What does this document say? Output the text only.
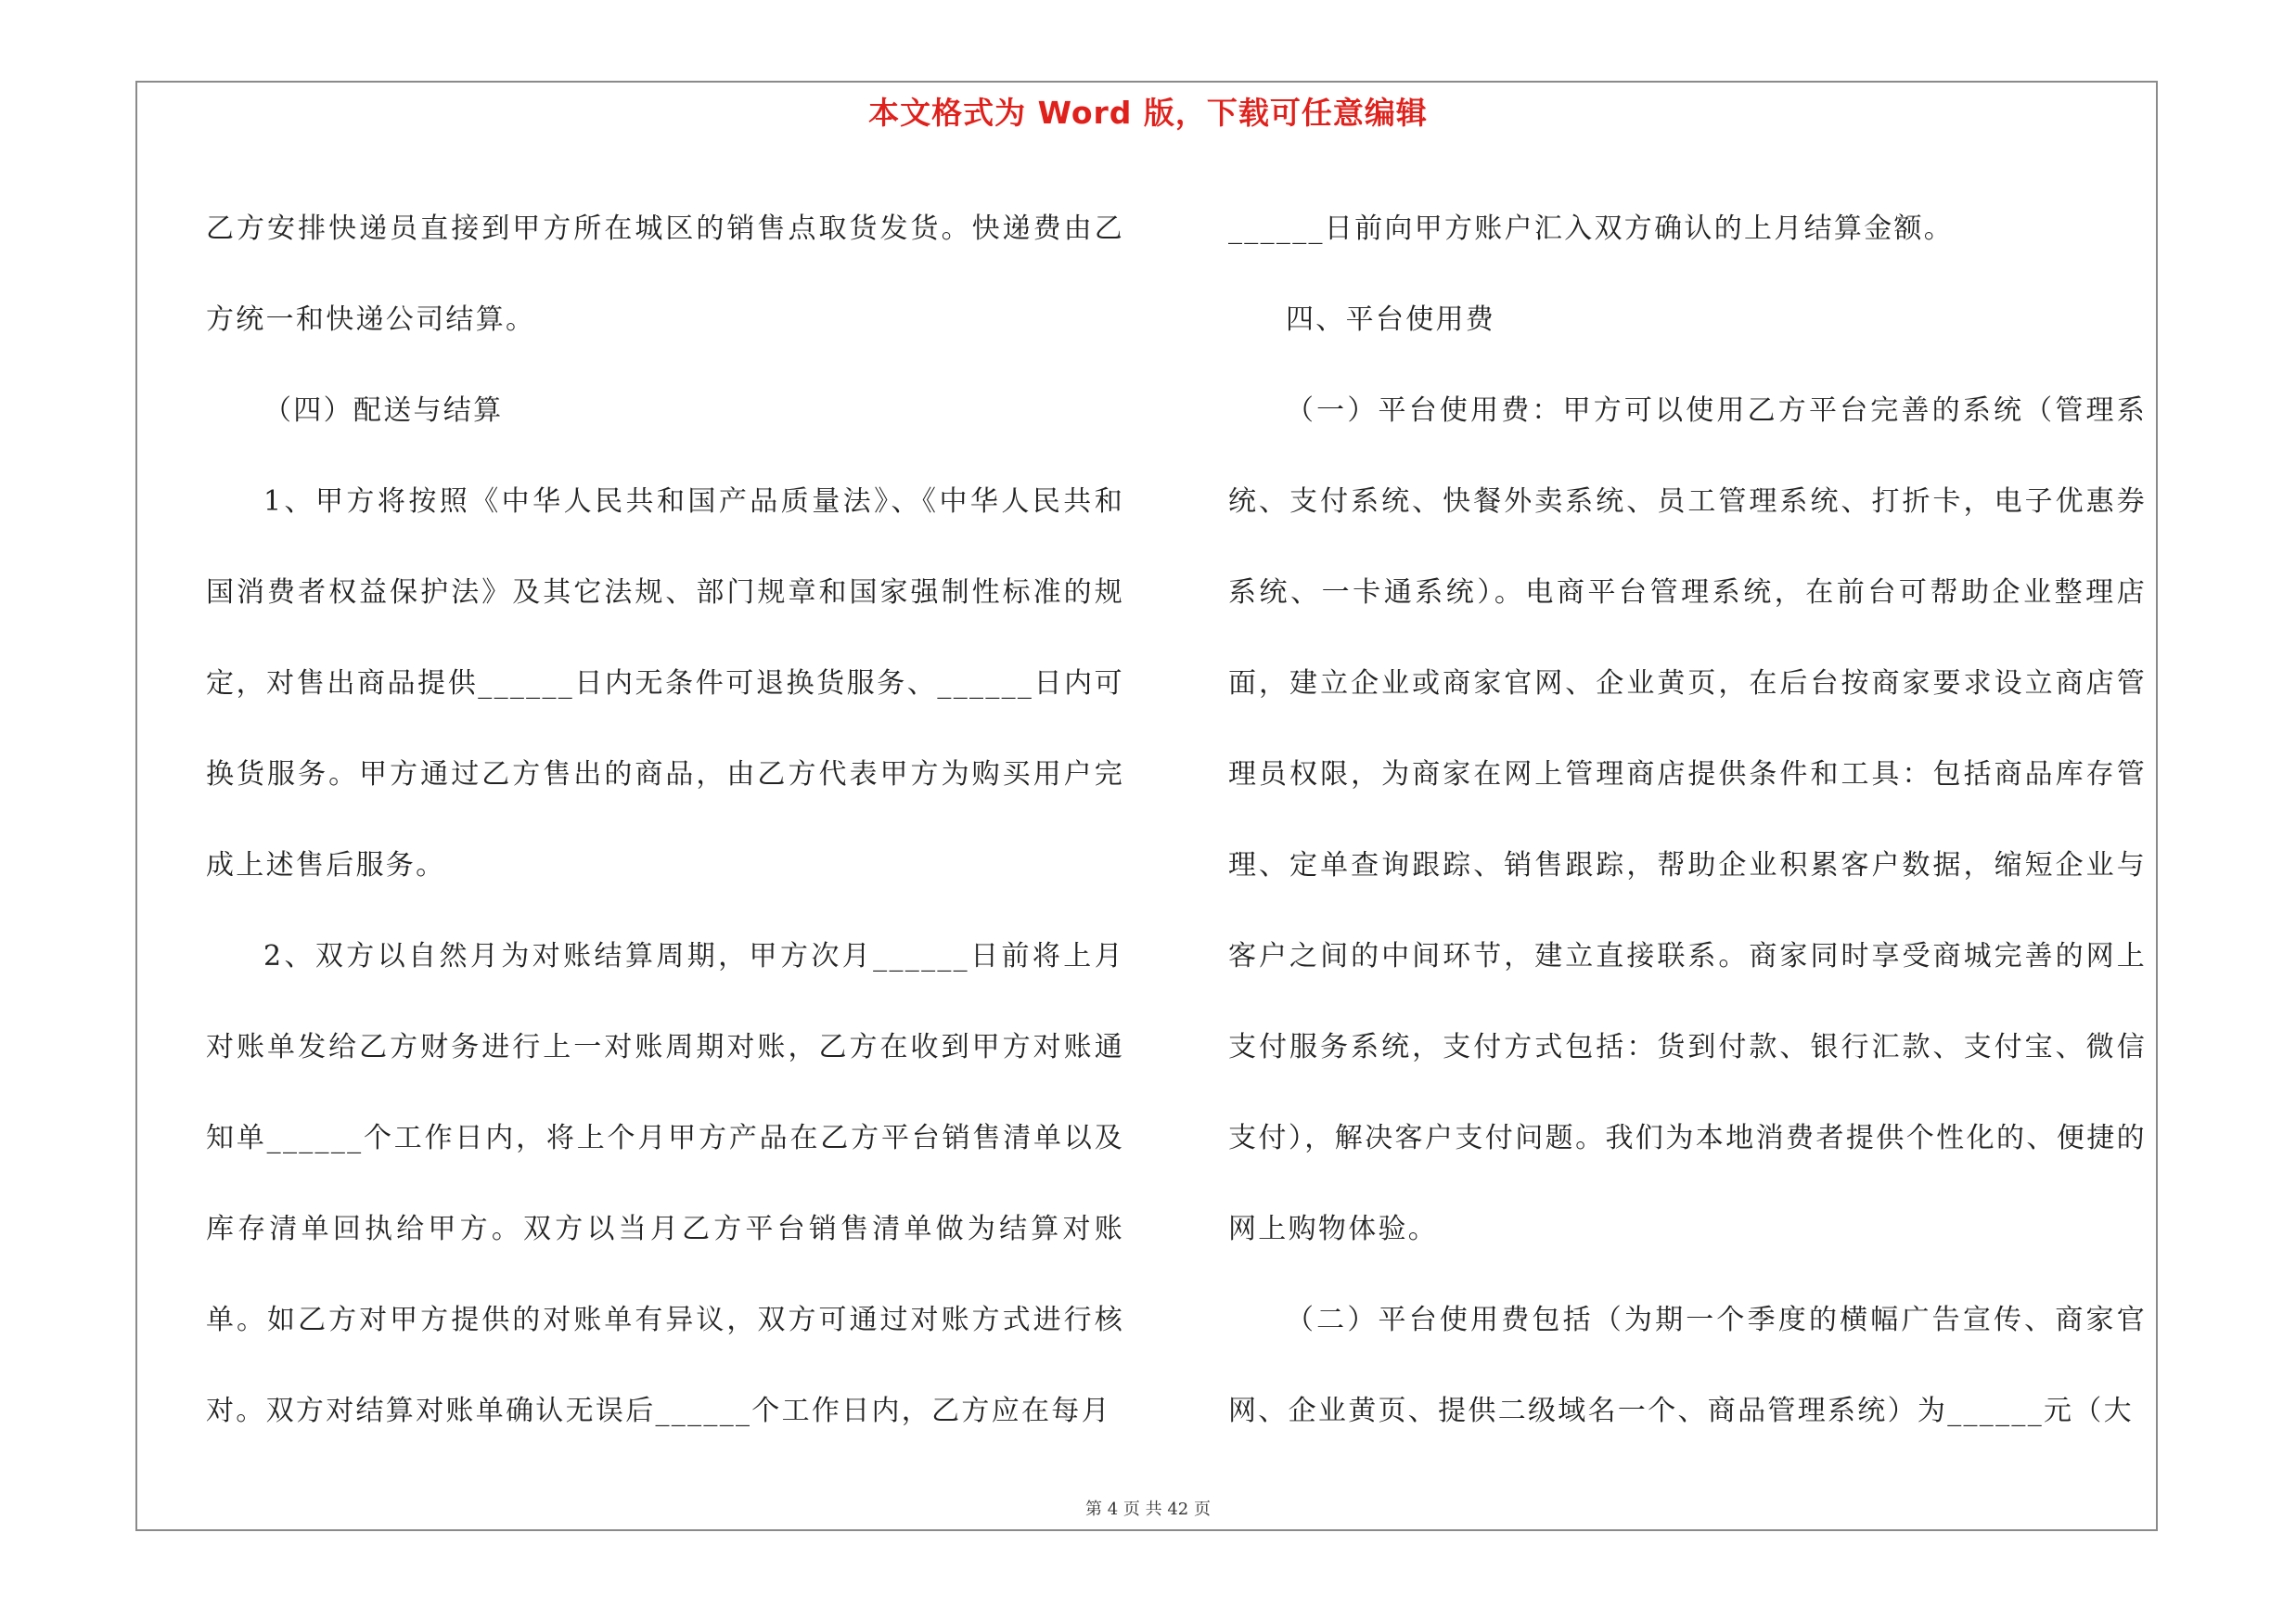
本文格式为 Word 版，下载可任意编辑

乙方安排快递员直接到甲方所在城区的销售点取货发货。快递费由乙方统一和快递公司结算。

（四）配送与结算

1、甲方将按照《中华人民共和国产品质量法》、《中华人民共和国消费者权益保护法》及其它法规、部门规章和国家强制性标准的规定，对售出商品提供______日内无条件可退换货服务、______日内可换货服务。甲方通过乙方售出的商品，由乙方代表甲方为购买用户完成上述售后服务。

2、双方以自然月为对账结算周期，甲方次月______日前将上月对账单发给乙方财务进行上一对账周期对账，乙方在收到甲方对账通知单______个工作日内，将上个月甲方产品在乙方平台销售清单以及库存清单回执给甲方。双方以当月乙方平台销售清单做为结算对账单。如乙方对甲方提供的对账单有异议，双方可通过对账方式进行核对。双方对结算对账单确认无误后______个工作日内，乙方应在每月

______日前向甲方账户汇入双方确认的上月结算金额。

四、平台使用费

（一）平台使用费：甲方可以使用乙方平台完善的系统（管理系统、支付系统、快餐外卖系统、员工管理系统、打折卡，电子优惠券系统、一卡通系统）。电商平台管理系统，在前台可帮助企业整理店面，建立企业或商家官网、企业黄页，在后台按商家要求设立商店管理员权限，为商家在网上管理商店提供条件和工具：包括商品库存管理、定单查询跟踪、销售跟踪，帮助企业积累客户数据，缩短企业与客户之间的中间环节，建立直接联系。商家同时享受商城完善的网上支付服务系统，支付方式包括：货到付款、银行汇款、支付宝、微信支付），解决客户支付问题。我们为本地消费者提供个性化的、便捷的网上购物体验。

（二）平台使用费包括（为期一个季度的横幅广告宣传、商家官网、企业黄页、提供二级域名一个、商品管理系统）为______元（大

第 4 页 共 42 页
